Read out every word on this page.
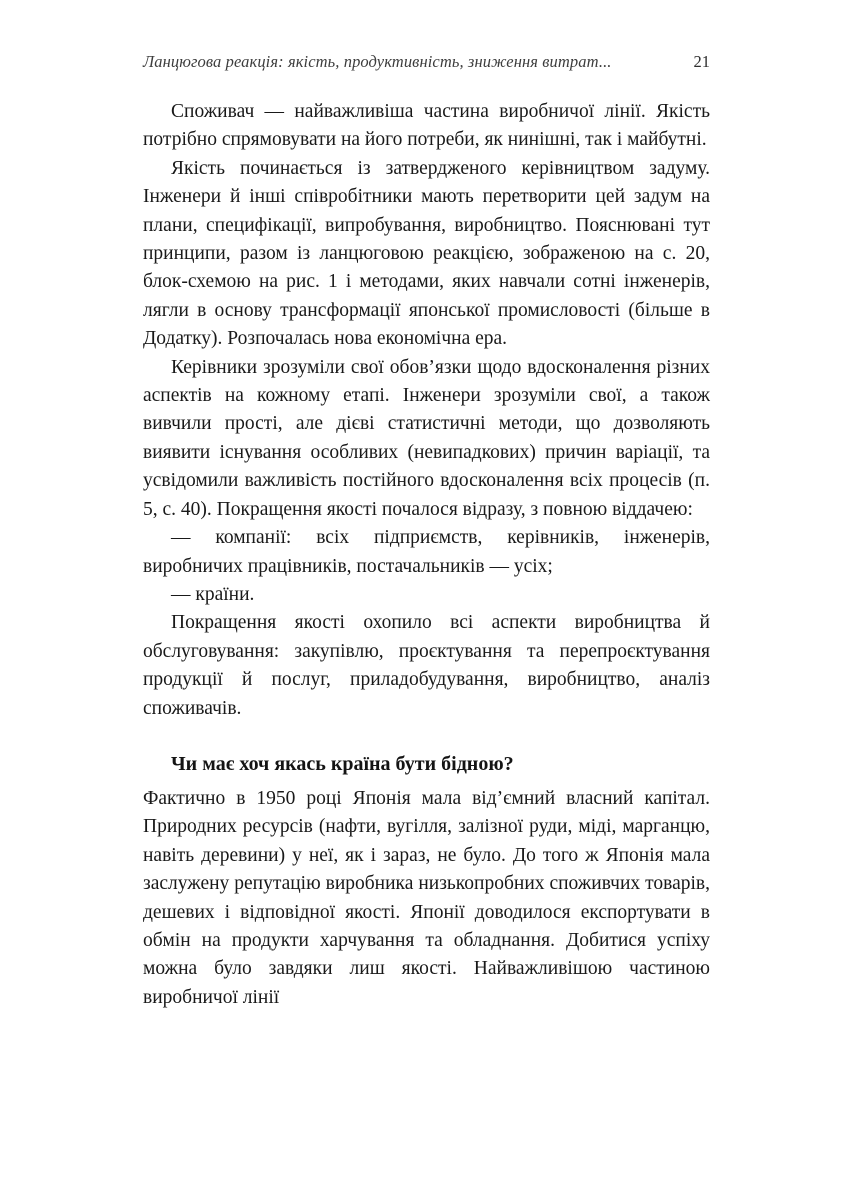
Ланцюгова реакція: якість, продуктивність, зниження витрат...	21

Споживач — найважливіша частина виробничої лінії. Якість потрібно спрямовувати на його потреби, як нинішні, так і майбутні.

Якість починається із затвердженого керівництвом задуму. Інженери й інші співробітники мають перетворити цей задум на плани, специфікації, випробування, виробництво. Пояснювані тут принципи, разом із ланцюговою реакцією, зображеною на с. 20, блок-схемою на рис. 1 і методами, яких навчали сотні інженерів, лягли в основу трансформації японської промисловості (більше в Додатку). Розпочалась нова економічна ера.

Керівники зрозуміли свої обов’язки щодо вдосконалення різних аспектів на кожному етапі. Інженери зрозуміли свої, а також вивчили прості, але дієві статистичні методи, що дозволяють виявити існування особливих (невипадкових) причин варіації, та усвідомили важливість постійного вдосконалення всіх процесів (п. 5, с. 40). Покращення якості почалося відразу, з повною віддачею:

— компанії: всіх підприємств, керівників, інженерів, виробничих працівників, постачальників — усіх;

— країни.

Покращення якості охопило всі аспекти виробництва й обслуговування: закупівлю, проєктування та перепроєктування продукції й послуг, приладобудування, виробництво, аналіз споживачів.

Чи має хоч якась країна бути бідною?

Фактично в 1950 році Японія мала від’ємний власний капітал. Природних ресурсів (нафти, вугілля, залізної руди, міді, марганцю, навіть деревини) у неї, як і зараз, не було. До того ж Японія мала заслужену репутацію виробника низькопробних споживчих товарів, дешевих і відповідної якості. Японії доводилося експортувати в обмін на продукти харчування та обладнання. Добитися успіху можна було завдяки лиш якості. Найважливішою частиною виробничої лінії
